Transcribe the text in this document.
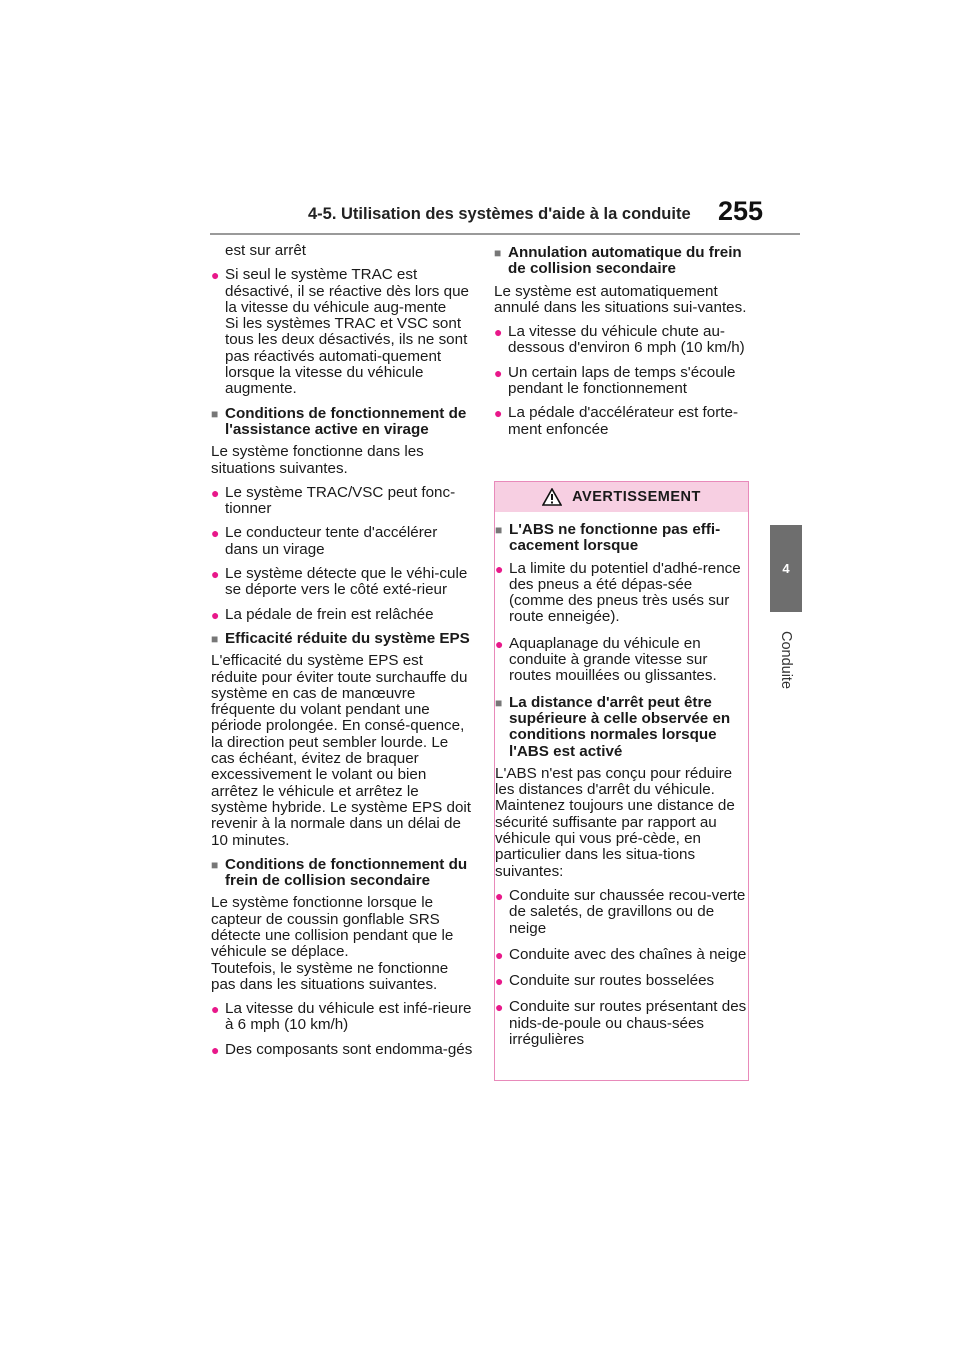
4-5. Utilisation des systèmes d'aide à la conduite 255
4
Conduite
est sur arrêt
● Si seul le système TRAC est désactivé, il se réactive dès lors que la vitesse du véhicule aug-mente
Si les systèmes TRAC et VSC sont tous les deux désactivés, ils ne sont pas réactivés automati-quement lorsque la vitesse du véhicule augmente.
■ Conditions de fonctionnement de l'assistance active en virage

Le système fonctionne dans les situations suivantes.

● Le système TRAC/VSC peut fonc-tionner
● Le conducteur tente d'accélérer dans un virage
● Le système détecte que le véhi-cule se déporte vers le côté exté-rieur
● La pédale de frein est relâchée
■ Efficacité réduite du système EPS

L'efficacité du système EPS est réduite pour éviter toute surchauffe du système en cas de manœuvre fréquente du volant pendant une période prolongée. En consé-quence, la direction peut sembler lourde. Le cas échéant, évitez de braquer excessivement le volant ou bien arrêtez le véhicule et arrêtez le système hybride. Le système EPS doit revenir à la normale dans un délai de 10 minutes.

■ Conditions de fonctionnement du frein de collision secondaire

Le système fonctionne lorsque le capteur de coussin gonflable SRS détecte une collision pendant que le véhicule se déplace.

Toutefois, le système ne fonctionne pas dans les situations suivantes.

● La vitesse du véhicule est infé-rieure à 6 mph (10 km/h)
● Des composants sont endomma-gés
■ Annulation automatique du frein de collision secondaire

Le système est automatiquement annulé dans les situations sui-vantes.

● La vitesse du véhicule chute au-dessous d'environ 6 mph (10 km/h)
● Un certain laps de temps s'écoule pendant le fonctionnement
● La pédale d'accélérateur est forte-ment enfoncée
AVERTISSEMENT
■ L'ABS ne fonctionne pas effi-cacement lorsque
● La limite du potentiel d'adhé-rence des pneus a été dépas-sée (comme des pneus très usés sur route enneigée).
● Aquaplanage du véhicule en conduite à grande vitesse sur routes mouillées ou glissantes.
■ La distance d'arrêt peut être supérieure à celle observée en conditions normales lorsque l'ABS est activé

L'ABS n'est pas conçu pour réduire les distances d'arrêt du véhicule. Maintenez toujours une distance de sécurité suffisante par rapport au véhicule qui vous pré-cède, en particulier dans les situa-tions suivantes:

● Conduite sur chaussée recou-verte de saletés, de gravillons ou de neige
● Conduite avec des chaînes à neige
● Conduite sur routes bosselées
● Conduite sur routes présentant des nids-de-poule ou chaus-sées irrégulières
